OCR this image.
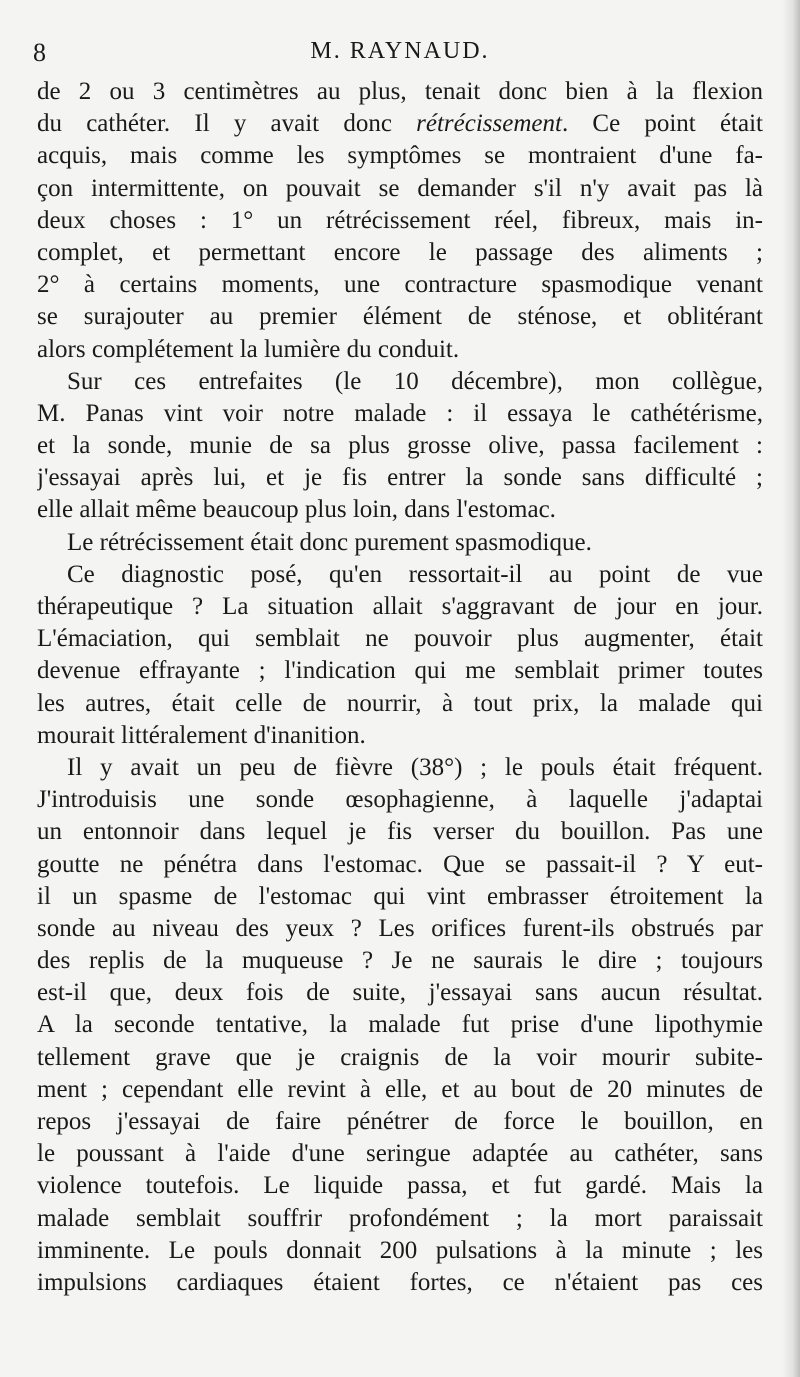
8	M. RAYNAUD.
de 2 ou 3 centimètres au plus, tenait donc bien à la flexion
du cathéter. Il y avait donc rétrécissement. Ce point était
acquis, mais comme les symptômes se montraient d'une fa-
çon intermittente, on pouvait se demander s'il n'y avait pas là
deux choses : 1° un rétrécissement réel, fibreux, mais in-
complet, et permettant encore le passage des aliments ;
2° à certains moments, une contracture spasmodique venant
se surajouter au premier élément de sténose, et oblitérant
alors complétement la lumière du conduit.
Sur ces entrefaites (le 10 décembre), mon collègue,
M. Panas vint voir notre malade : il essaya le cathétérisme,
et la sonde, munie de sa plus grosse olive, passa facilement :
j'essayai après lui, et je fis entrer la sonde sans difficulté ;
elle allait même beaucoup plus loin, dans l'estomac.
Le rétrécissement était donc purement spasmodique.
Ce diagnostic posé, qu'en ressortait-il au point de vue
thérapeutique ? La situation allait s'aggravant de jour en jour.
L'émaciation, qui semblait ne pouvoir plus augmenter, était
devenue effrayante ; l'indication qui me semblait primer toutes
les autres, était celle de nourrir, à tout prix, la malade qui
mourait littéralement d'inanition.
Il y avait un peu de fièvre (38°) ; le pouls était fréquent.
J'introduisis une sonde œsophagienne, à laquelle j'adaptai
un entonnoir dans lequel je fis verser du bouillon. Pas une
goutte ne pénétra dans l'estomac. Que se passait-il ? Y eut-
il un spasme de l'estomac qui vint embrasser étroitement la
sonde au niveau des yeux ? Les orifices furent-ils obstrués par
des replis de la muqueuse ? Je ne saurais le dire ; toujours
est-il que, deux fois de suite, j'essayai sans aucun résultat.
A la seconde tentative, la malade fut prise d'une lipothymie
tellement grave que je craignis de la voir mourir subite-
ment ; cependant elle revint à elle, et au bout de 20 minutes de
repos j'essayai de faire pénétrer de force le bouillon, en
le poussant à l'aide d'une seringue adaptée au cathéter, sans
violence toutefois. Le liquide passa, et fut gardé. Mais la
malade semblait souffrir profondément ; la mort paraissait
imminente. Le pouls donnait 200 pulsations à la minute ; les
impulsions cardiaques étaient fortes, ce n'étaient pas ces
